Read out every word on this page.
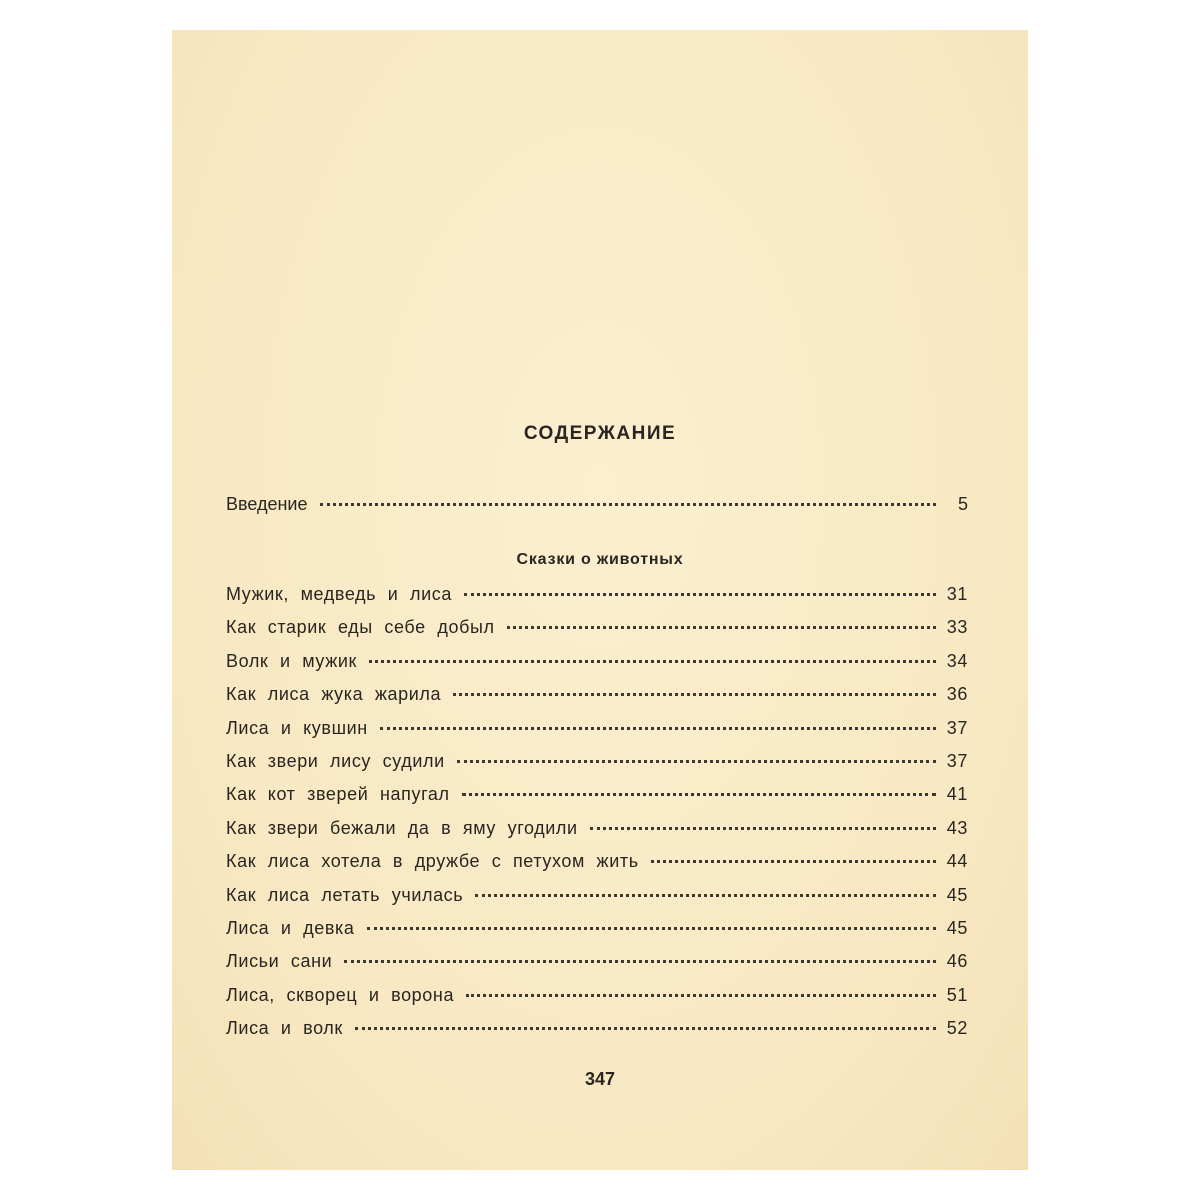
СОДЕРЖАНИЕ
Введение	5
Сказки о животных
Мужик, медведь и лиса	31
Как старик еды себе добыл	33
Волк и мужик	34
Как лиса жука жарила	36
Лиса и кувшин	37
Как звери лису судили	37
Как кот зверей напугал	41
Как звери бежали да в яму угодили	43
Как лиса хотела в дружбе с петухом жить	44
Как лиса летать училась	45
Лиса и девка	45
Лисьи сани	46
Лиса, скворец и ворона	51
Лиса и волк	52
347
